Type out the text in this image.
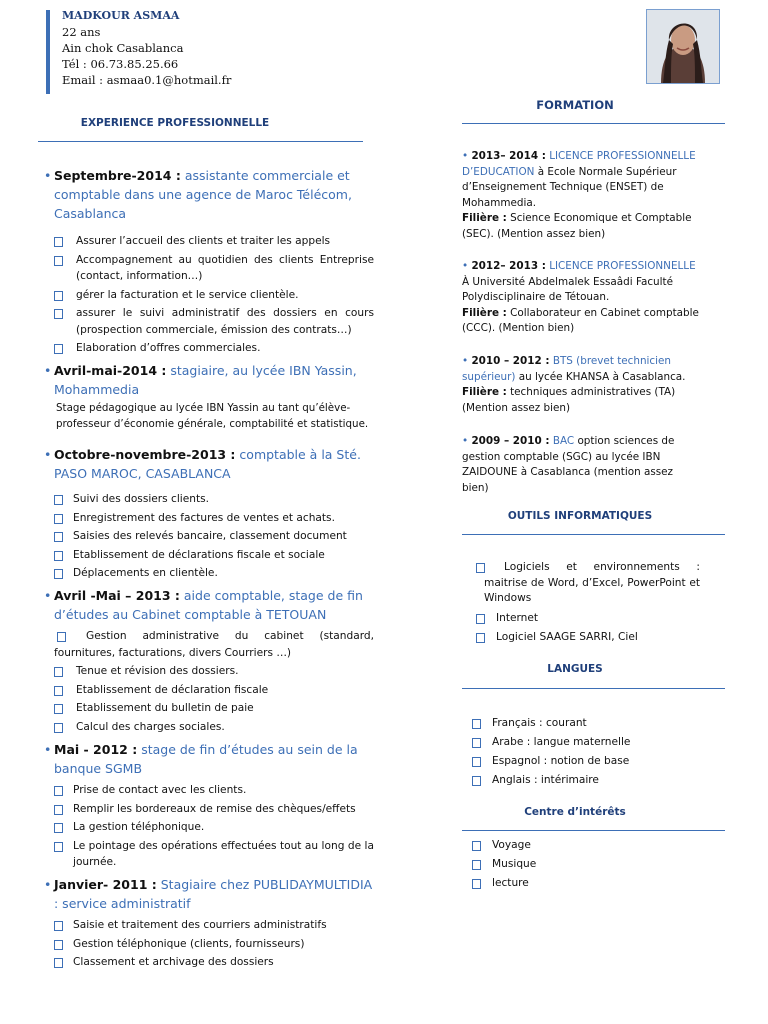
MADKOUR ASMAA
22 ans
Ain chok Casablanca
Tél : 06.73.85.25.66
Email : asmaa0.1@hotmail.fr
EXPERIENCE PROFESSIONNELLE
• Septembre-2014 : assistante commerciale et comptable dans une agence de Maroc Télécom, Casablanca
Assurer l’accueil des clients et traiter les appels
Accompagnement au quotidien des clients Entreprise (contact, information…)
gérer la facturation et le service clientèle.
assurer le suivi administratif des dossiers en cours (prospection commerciale, émission des contrats…)
Elaboration d’offres commerciales.
• Avril-mai-2014 : stagiaire, au lycée IBN Yassin, Mohammedia
Stage pédagogique au lycée IBN Yassin au tant qu’élève-professeur d’économie générale, comptabilité et statistique.
• Octobre-novembre-2013 : comptable à la Sté. PASO MAROC, CASABLANCA
Suivi des dossiers clients.
Enregistrement des factures de ventes et achats.
Saisies des relevés bancaire, classement document
Etablissement de déclarations fiscale et sociale
Déplacements en clientèle.
• Avril -Mai – 2013 : aide comptable, stage de fin d’études au Cabinet comptable à TETOUAN
Gestion administrative du cabinet (standard, fournitures, facturations, divers Courriers …)
Tenue et révision des dossiers.
Etablissement de déclaration fiscale
Etablissement du bulletin de paie
Calcul des charges sociales.
• Mai - 2012 : stage de fin d’études au sein de la banque SGMB
Prise de contact avec les clients.
Remplir les bordereaux de remise des chèques/effets
La gestion téléphonique.
Le pointage des opérations effectuées tout au long de la journée.
• Janvier- 2011 : Stagiaire chez PUBLIDAYMULTIDIA : service administratif
Saisie et traitement des courriers administratifs
Gestion téléphonique (clients, fournisseurs)
Classement et archivage des dossiers
FORMATION
• 2013– 2014 : LICENCE PROFESSIONNELLE D’EDUCATION à Ecole Normale Supérieur d’Enseignement Technique (ENSET) de Mohammedia.
Filière : Science Economique et Comptable (SEC). (Mention assez bien)
• 2012– 2013 : LICENCE PROFESSIONNELLE
À Université Abdelmalek Essaâdi Faculté Polydisciplinaire de Tétouan.
Filière : Collaborateur en Cabinet comptable (CCC). (Mention bien)
• 2010 – 2012 : BTS (brevet technicien supérieur) au lycée KHANSA à Casablanca.
Filière : techniques administratives (TA) (Mention assez bien)
• 2009 – 2010 : BAC option sciences de gestion comptable (SGC) au lycée IBN ZAIDOUNE à Casablanca (mention assez bien)
OUTILS INFORMATIQUES
Logiciels et environnements : maitrise de Word, d’Excel, PowerPoint et Windows
Internet
Logiciel SAAGE SARRI, Ciel
LANGUES
Français : courant
Arabe : langue maternelle
Espagnol : notion de base
Anglais : intérimaire
Centre d’intérêts
Voyage
Musique
lecture
